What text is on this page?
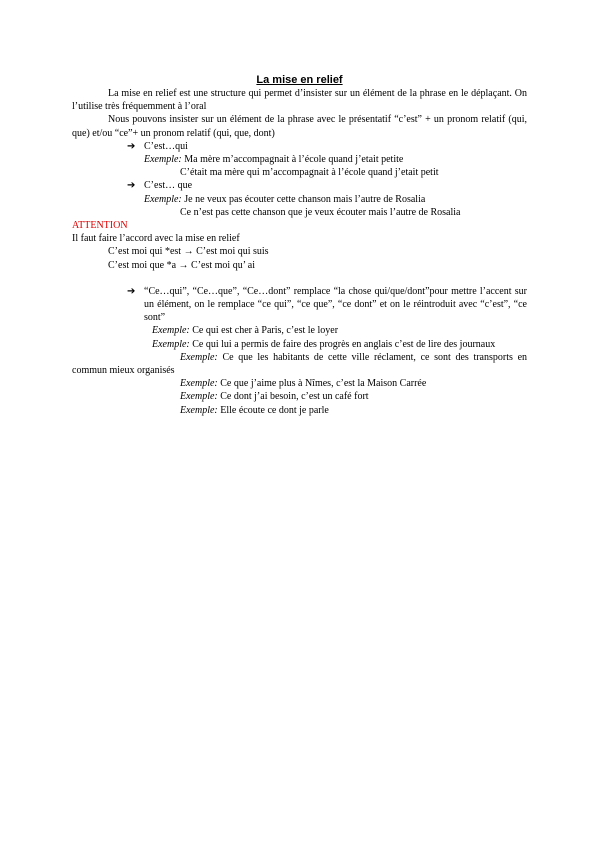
La mise en relief

La mise en relief est une structure qui permet d’insister sur un élément de la phrase en le déplaçant. On l’utilise très fréquemment à l’oral

Nous pouvons insister sur un élément de la phrase avec le présentatif “c’est” + un pronom relatif (qui, que) et/ou “ce”+ un pronom relatif (qui, que, dont)

➔ C’est…qui

Exemple: Ma mère m’accompagnait à l’école quand j’etait petite

C’était ma mère qui m’accompagnait à l’école quand j’etait petit

➔ C’est… que

Exemple: Je ne veux pas écouter cette chanson mais l’autre de Rosalia

Ce n’est pas cette chanson que je veux écouter mais l’autre de Rosalia

ATTENTION

Il faut faire l’accord avec la mise en relief

C’est moi qui *est → C’est moi qui suis

C’est moi que *a → C’est moi qu’ ai

➔ “Ce…qui”, “Ce…que”, “Ce…dont” remplace “la chose qui/que/dont”pour mettre l’accent sur un élément, on le remplace “ce qui”, “ce que”, “ce dont” et on le réintroduit avec “c’est”, “ce sont”

Exemple: Ce qui est cher à Paris, c’est le loyer

Exemple: Ce qui lui a permis de faire des progrès en anglais c’est de lire des journaux

Exemple: Ce que les habitants de cette ville réclament, ce sont des transports en commun mieux organisés

Exemple: Ce que j’aime plus à Nîmes, c’est la Maison Carrée

Exemple: Ce dont j’ai besoin, c’est un café fort

Exemple: Elle écoute ce dont je parle
